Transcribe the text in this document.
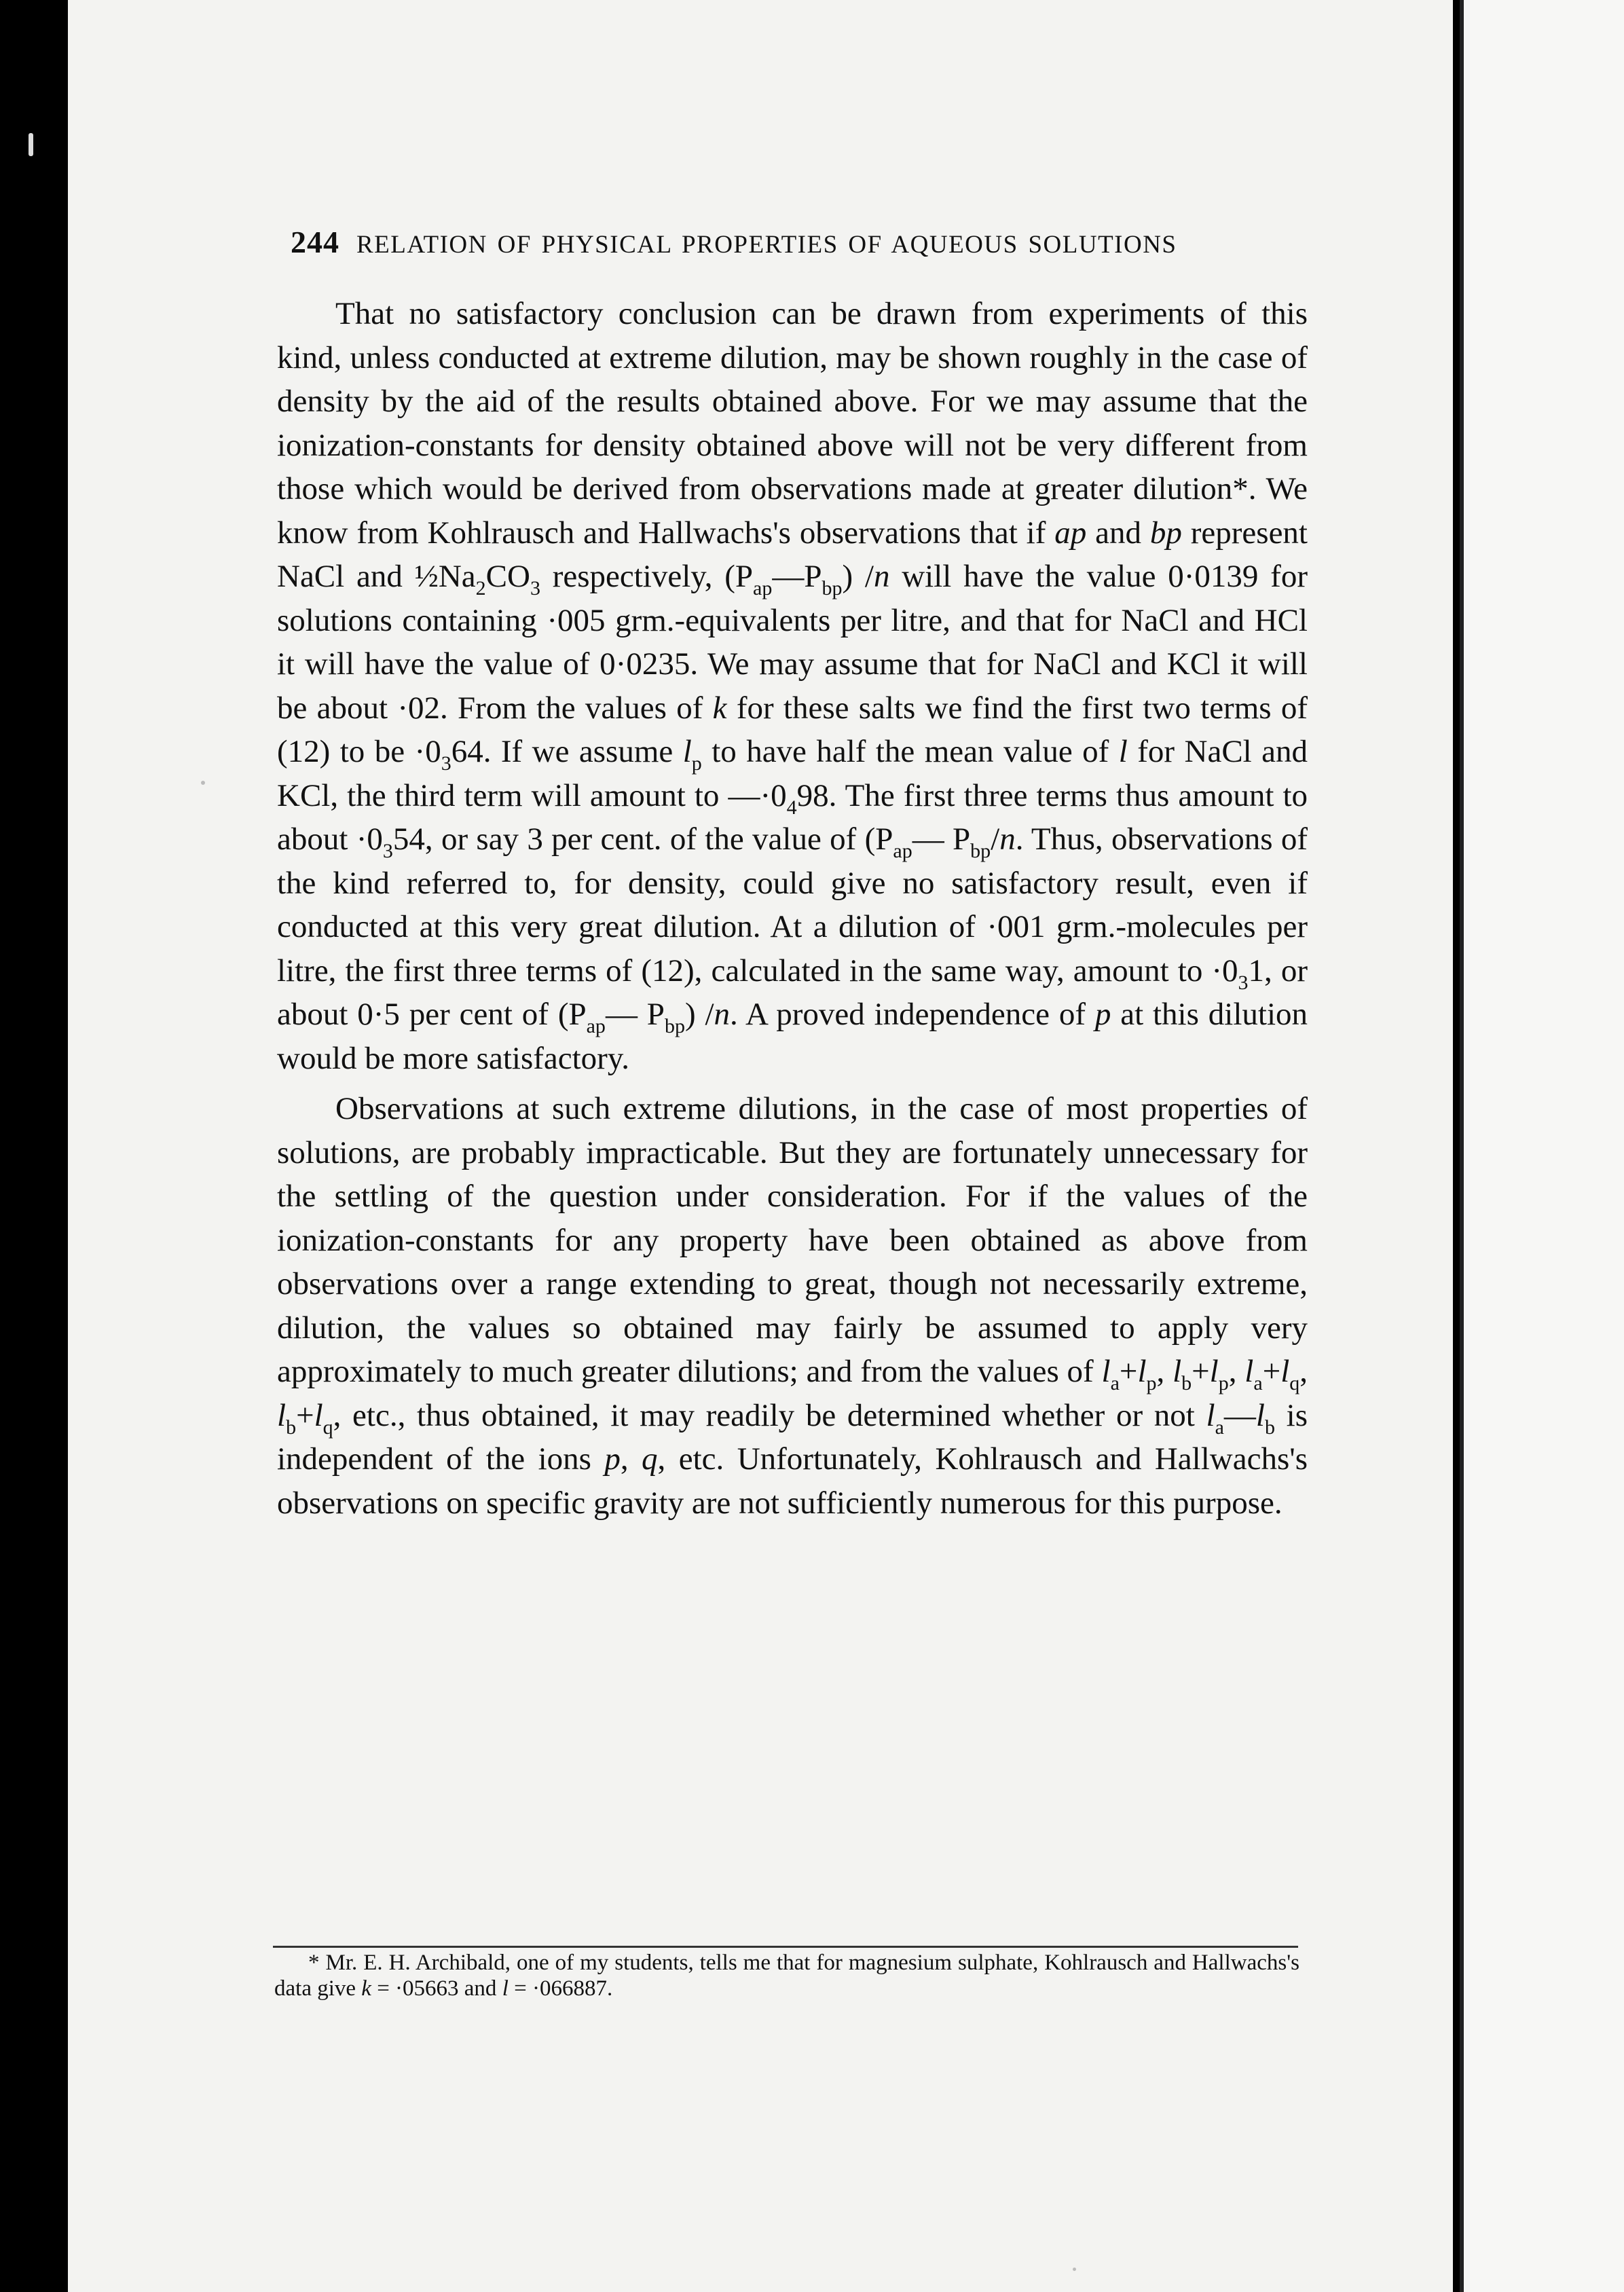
244 RELATION OF PHYSICAL PROPERTIES OF AQUEOUS SOLUTIONS

That no satisfactory conclusion can be drawn from experiments of this kind, unless conducted at extreme dilution, may be shown roughly in the case of density by the aid of the results obtained above. For we may assume that the ionization-constants for density obtained above will not be very different from those which would be derived from observations made at greater dilution*. We know from Kohlrausch and Hallwachs's observations that if ap and bp represent NaCl and $\frac{1}{2}Na_2CO_3$ respectively, $(P_{ap}—P_{bp})$ /n will have the value 0·0139 for solutions containing ·005 grm.-equivalents per litre, and that for NaCl and HCl it will have the value of 0·0235. We may assume that for NaCl and KCl it will be about ·02. From the values of k for these salts we find the first two terms of (12) to be $\cdot 0_364$. If we assume $l_p$ to have half the mean value of l for NaCl and KCl, the third term will amount to $—\cdot 0_498$. The first three terms thus amount to about $\cdot 0_354$, or say 3 per cent. of the value of ($P_{ap}—$ $P_{bp}/n$. Thus, observations of the kind referred to, for density, could give no satisfactory result, even if conducted at this very great dilution. At a dilution of ·001 grm.-molecules per litre, the first three terms of (12), calculated in the same way, amount to $\cdot 0_31$, or about 0·5 per cent of ($P_{ap}—$ $P_{bp}$) /n. A proved independence of p at this dilution would be more satisfactory.

Observations at such extreme dilutions, in the case of most properties of solutions, are probably impracticable. But they are fortunately unnecessary for the settling of the question under consideration. For if the values of the ionization-constants for any property have been obtained as above from observations over a range extending to great, though not necessarily extreme, dilution, the values so obtained may fairly be assumed to apply very approximately to much greater dilutions; and from the values of $l_a+l_p$, $l_b+l_p$, $l_a+l_q$, $l_b+l_q$, etc., thus obtained, it may readily be determined whether or not $l_a—l_b$ is independent of the ions p, q, etc. Unfortunately, Kohlrausch and Hallwachs's observations on specific gravity are not sufficiently numerous for this purpose.

* Mr. E. H. Archibald, one of my students, tells me that for magnesium sulphate, Kohlrausch and Hallwachs's data give k = ·05663 and l = ·066887.
